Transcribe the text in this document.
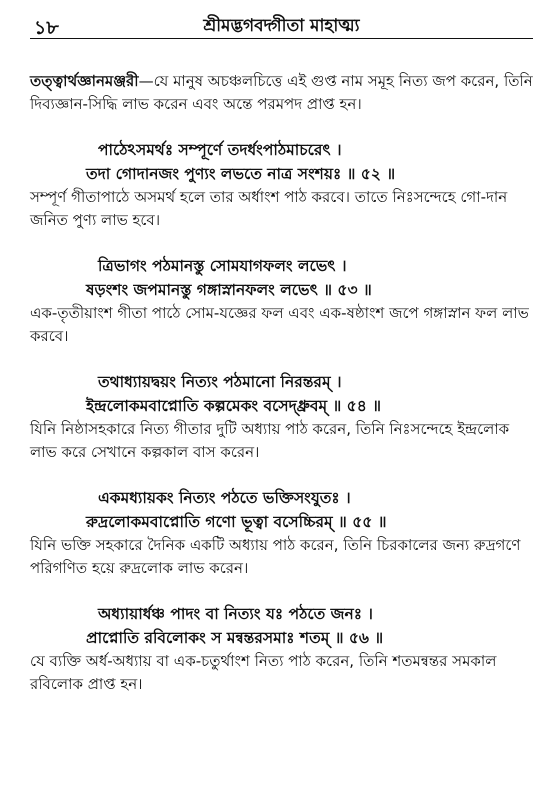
১৮	শ্রীমদ্ভগবদ্গীতা মাহাত্ম্য

তত্ত্বার্থজ্ঞানমঞ্জরী—যে মানুষ অচঞ্চলচিত্তে এই গুপ্ত নাম সমূহ নিত্য জপ করেন, তিনি দিব্যজ্ঞান-সিদ্ধি লাভ করেন এবং অন্তে পরমপদ প্রাপ্ত হন।

পাঠেঽসমর্থঃ সম্পূর্ণে তদর্ধংপাঠমাচরেৎ ।
তদা গোদানজং পুণ্যং লভতে নাত্র সংশয়ঃ ॥ ৫২ ॥
সম্পূর্ণ গীতাপাঠে অসমর্থ হলে তার অর্ধাংশ পাঠ করবে। তাতে নিঃসন্দেহে গো-দান জনিত পুণ্য লাভ হবে।
ত্রিভাগং পঠমানস্তু সোমযাগফলং লভেৎ ।
ষড়ংশং জপমানস্তু গঙ্গাস্নানফলং লভেৎ ॥ ৫৩ ॥
এক-তৃতীয়াংশ গীতা পাঠে সোম-যজ্ঞের ফল এবং এক-ষষ্ঠাংশ জপে গঙ্গাস্নান ফল লাভ করবে।
তথাধ্যায়দ্বয়ং নিত্যং পঠমানো নিরন্তরম্ ।
ইন্দ্রলোকমবাপ্নোতি কল্পমেকং বসেদ্ধ্রুবম্ ॥ ৫৪ ॥
যিনি নিষ্ঠাসহকারে নিত্য গীতার দুটি অধ্যায় পাঠ করেন, তিনি নিঃসন্দেহে ইন্দ্রলোক লাভ করে সেখানে কল্পকাল বাস করেন।
একমধ্যায়কং নিত্যং পঠতে ভক্তিসংযুতঃ ।
রুদ্রলোকমবাপ্নোতি গণো ভূত্বা বসেচ্চিরম্ ॥ ৫৫ ॥
যিনি ভক্তি সহকারে দৈনিক একটি অধ্যায় পাঠ করেন, তিনি চিরকালের জন্য রুদ্রগণে পরিগণিত হয়ে রুদ্রলোক লাভ করেন।
অধ্যায়ার্ধঞ্চ পাদং বা নিত্যং যঃ পঠতে জনঃ ।
প্রাপ্নোতি রবিলোকং স মন্বন্তরসমাঃ শতম্ ॥ ৫৬ ॥
যে ব্যক্তি অর্ধ-অধ্যায় বা এক-চতুর্থাংশ নিত্য পাঠ করেন, তিনি শতমন্বন্তর সমকাল রবিলোক প্রাপ্ত হন।
